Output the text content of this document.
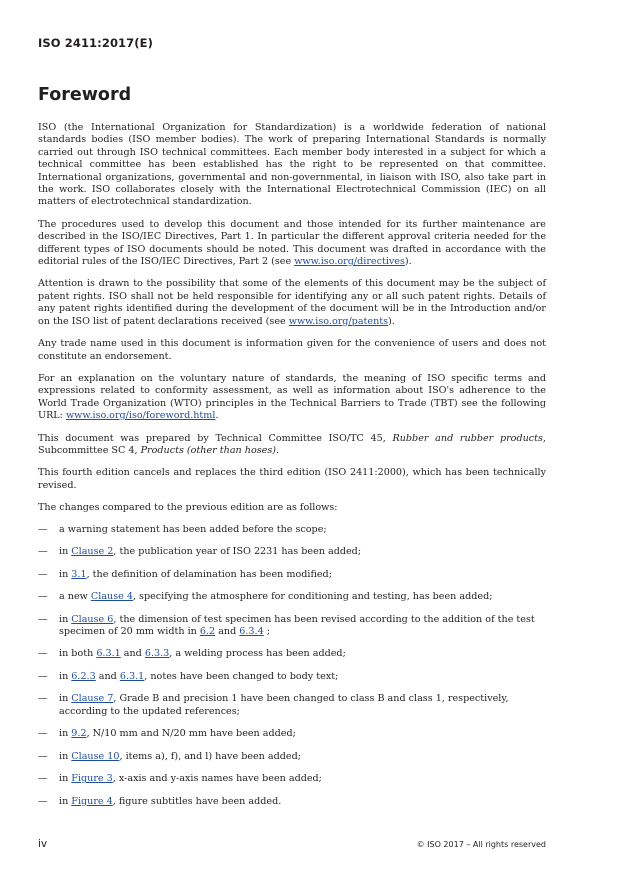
ISO 2411:2017(E)
Foreword

ISO (the International Organization for Standardization) is a worldwide federation of national standards bodies (ISO member bodies). The work of preparing International Standards is normally carried out through ISO technical committees. Each member body interested in a subject for which a technical committee has been established has the right to be represented on that committee. International organizations, governmental and non-governmental, in liaison with ISO, also take part in the work. ISO collaborates closely with the International Electrotechnical Commission (IEC) on all matters of electrotechnical standardization.

The procedures used to develop this document and those intended for its further maintenance are described in the ISO/IEC Directives, Part 1. In particular the different approval criteria needed for the different types of ISO documents should be noted. This document was drafted in accordance with the editorial rules of the ISO/IEC Directives, Part 2 (see www.iso.org/directives).

Attention is drawn to the possibility that some of the elements of this document may be the subject of patent rights. ISO shall not be held responsible for identifying any or all such patent rights. Details of any patent rights identified during the development of the document will be in the Introduction and/or on the ISO list of patent declarations received (see www.iso.org/patents).

Any trade name used in this document is information given for the convenience of users and does not constitute an endorsement.

For an explanation on the voluntary nature of standards, the meaning of ISO specific terms and expressions related to conformity assessment, as well as information about ISO's adherence to the World Trade Organization (WTO) principles in the Technical Barriers to Trade (TBT) see the following URL: www.iso.org/iso/foreword.html.

This document was prepared by Technical Committee ISO/TC 45, Rubber and rubber products, Subcommittee SC 4, Products (other than hoses).

This fourth edition cancels and replaces the third edition (ISO 2411:2000), which has been technically revised.

The changes compared to the previous edition are as follows:

— a warning statement has been added before the scope;
— in Clause 2, the publication year of ISO 2231 has been added;
— in 3.1, the definition of delamination has been modified;
— a new Clause 4, specifying the atmosphere for conditioning and testing, has been added;
— in Clause 6, the dimension of test specimen has been revised according to the addition of the test specimen of 20 mm width in 6.2 and 6.3.4 ;
— in both 6.3.1 and 6.3.3, a welding process has been added;
— in 6.2.3 and 6.3.1, notes have been changed to body text;
— in Clause 7, Grade B and precision 1 have been changed to class B and class 1, respectively, according to the updated references;
— in 9.2, N/10 mm and N/20 mm have been added;
— in Clause 10, items a), f), and l) have been added;
— in Figure 3, x-axis and y-axis names have been added;
— in Figure 4, figure subtitles have been added.
iv	© ISO 2017 – All rights reserved
